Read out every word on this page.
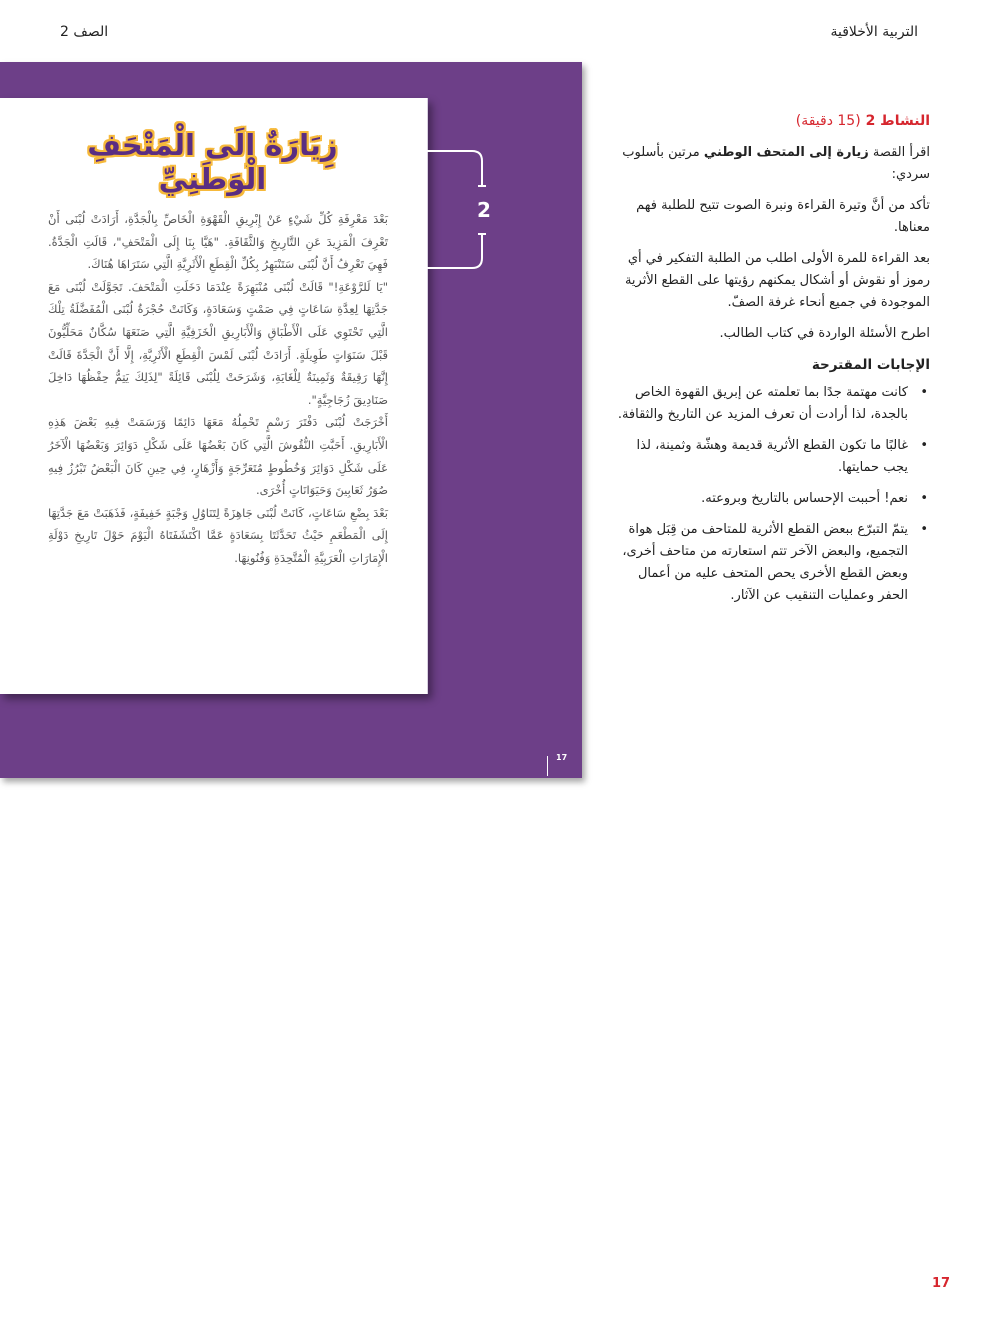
التربية الأخلاقية
الصف 2
زِيَارَةٌ إِلَى الْمَتْحَفِ الْوَطَنِيِّ

بَعْدَ مَعْرِفَةِ كُلِّ شَيْءٍ عَنْ إِبْرِيقِ الْقَهْوَةِ الْخَاصِّ بِالْجَدَّةِ، أَرَادَتْ لُبْنَى أَنْ تَعْرِفَ الْمَزِيدَ عَنِ التَّارِيخِ وَالثَّقَافَةِ. "هَيَّا بِنَا إِلَى الْمَتْحَفِ"، قَالَتِ الْجَدَّةُ. فَهِيَ تَعْرِفُ أَنَّ لُبْنَى سَتَنْبَهِرُ بِكُلِّ الْقِطَعِ الْأَثَرِيَّةِ الَّتِي سَتَرَاهَا هُنَاكَ.

"يَا لَلرَّوْعَةِ!" قَالَتْ لُبْنَى مُنْبَهِرَةً عِنْدَمَا دَخَلَتِ الْمَتْحَفَ. تَجَوَّلَتْ لُبْنَى مَعَ جَدَّتِهَا لِعِدَّةِ سَاعَاتٍ فِي صَمْتٍ وَسَعَادَةٍ، وَكَانَتْ حُجْرَةُ لُبْنَى الْمُفَضَّلَةُ تِلْكَ الَّتِي تَحْتَوِي عَلَى الْأَطْبَاقِ وَالْأَبَارِيقِ الْخَزَفِيَّةِ الَّتِي صَنَعَهَا سُكَّانٌ مَحَلِّيُّونَ قَبْلَ سَنَوَاتٍ طَوِيلَةٍ. أَرَادَتْ لُبْنَى لَمْسَ الْقِطَعِ الْأَثَرِيَّةِ، إِلَّا أَنَّ الْجَدَّةَ قَالَتْ إِنَّهَا رَقِيقَةٌ وَثَمِينَةٌ لِلْغَايَةِ، وَشَرَحَتْ لِلُبْنَى قَائِلَةً "لِذَلِكَ يَتِمُّ حِفْظُهَا دَاخِلَ صَنَادِيقَ زُجَاجِيَّةٍ".

أَخْرَجَتْ لُبْنَى دَفْتَرَ رَسْمٍ تَحْمِلُهُ مَعَهَا دَائِمًا وَرَسَمَتْ فِيهِ بَعْضَ هَذِهِ الْأَبَارِيقِ. أَحَبَّتِ النُّقُوشَ الَّتِي كَانَ بَعْضُهَا عَلَى شَكْلِ دَوَائِرَ وَبَعْضُهَا الْآخَرُ عَلَى شَكْلِ دَوَائِرَ وَخُطُوطٍ مُتَعَرِّجَةٍ وَأَزْهَارٍ، فِي حِينِ كَانَ الْبَعْضُ تَبْرُزُ فِيهِ صُوَرُ ثَعَابِينَ وَحَيَوَانَاتٍ أُخْرَى.

بَعْدَ بِضْعِ سَاعَاتٍ، كَانَتْ لُبْنَى جَاهِزَةً لِتَنَاوُلِ وَجْبَةٍ خَفِيفَةٍ، فَذَهَبَتْ مَعَ جَدَّتِهَا إِلَى الْمَطْعَمِ حَيْثُ تَحَدَّثَتَا بِسَعَادَةٍ عَمَّا اكْتَشَفَتَاهُ الْيَوْمَ حَوْلَ تَارِيخِ دَوْلَةِ الْإِمَارَاتِ الْعَرَبِيَّةِ الْمُتَّحِدَةِ وَفُنُونِهَا.

2
17
النشاط 2 (15 دقيقة)

اقرأ القصة زيارة إلى المتحف الوطني مرتين بأسلوب سردي:

تأكد من أنَّ وتيرة القراءة ونبرة الصوت تتيح للطلبة فهم معناها.

بعد القراءة للمرة الأولى اطلب من الطلبة التفكير في أي رموز أو نقوش أو أشكال يمكنهم رؤيتها على القطع الأثرية الموجودة في جميع أنحاء غرفة الصفّ.

اطرح الأسئلة الواردة في كتاب الطالب.

الإجابات المقترحة
•
كانت مهتمة جدًا بما تعلمته عن إبريق القهوة الخاص بالجدة، لذا أرادت أن تعرف المزيد عن التاريخ والثقافة.
•
غالبًا ما تكون القطع الأثرية قديمة وهشّة وثمينة، لذا يجب حمايتها.
•
نعم! أحببت الإحساس بالتاريخ وبروعته.
•
يتمّ التبرّع ببعض القطع الأثرية للمتاحف من قِبَل هواة التجميع، والبعض الآخر تتم استعارته من متاحف أخرى، وبعض القطع الأخرى يحص المتحف عليه من أعمال الحفر وعمليات التنقيب عن الآثار.
17
